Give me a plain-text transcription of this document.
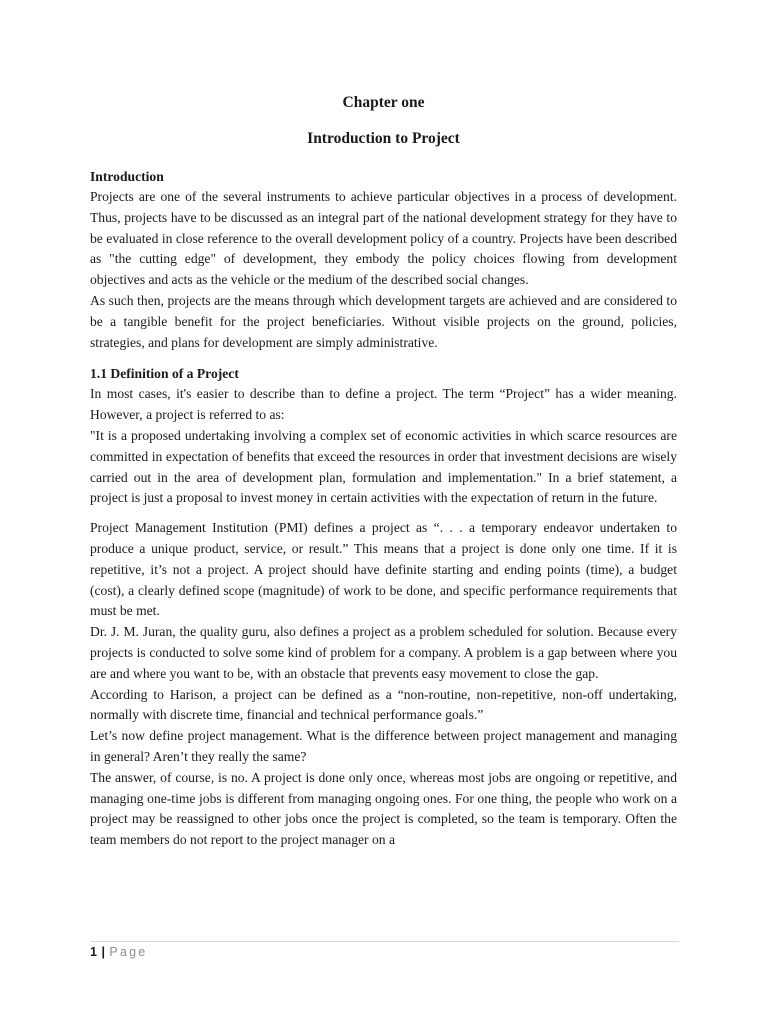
Chapter one
Introduction to Project
Introduction

Projects are one of the several instruments to achieve particular objectives in a process of development. Thus, projects have to be discussed as an integral part of the national development strategy for they have to be evaluated in close reference to the overall development policy of a country. Projects have been described as "the cutting edge" of development, they embody the policy choices flowing from development objectives and acts as the vehicle or the medium of the described social changes.

As such then, projects are the means through which development targets are achieved and are considered to be a tangible benefit for the project beneficiaries. Without visible projects on the ground, policies, strategies, and plans for development are simply administrative.

1.1 Definition of a Project

In most cases, it's easier to describe than to define a project. The term “Project” has a wider meaning. However, a project is referred to as:

"It is a proposed undertaking involving a complex set of economic activities in which scarce resources are committed in expectation of benefits that exceed the resources in order that investment decisions are wisely carried out in the area of development plan, formulation and implementation." In a brief statement, a project is just a proposal to invest money in certain activities with the expectation of return in the future.

Project Management Institution (PMI) defines a project as “. . . a temporary endeavor undertaken to produce a unique product, service, or result.” This means that a project is done only one time. If it is repetitive, it’s not a project. A project should have definite starting and ending points (time), a budget (cost), a clearly defined scope (magnitude) of work to be done, and specific performance requirements that must be met.

Dr. J. M. Juran, the quality guru, also defines a project as a problem scheduled for solution. Because every projects is conducted to solve some kind of problem for a company. A problem is a gap between where you are and where you want to be, with an obstacle that prevents easy movement to close the gap.

According to Harison, a project can be defined as a “non-routine, non-repetitive, non-off undertaking, normally with discrete time, financial and technical performance goals.”

Let’s now define project management. What is the difference between project management and managing in general? Aren’t they really the same?

The answer, of course, is no. A project is done only once, whereas most jobs are ongoing or repetitive, and managing one-time jobs is different from managing ongoing ones. For one thing, the people who work on a project may be reassigned to other jobs once the project is completed, so the team is temporary. Often the team members do not report to the project manager on a

1 | Page
